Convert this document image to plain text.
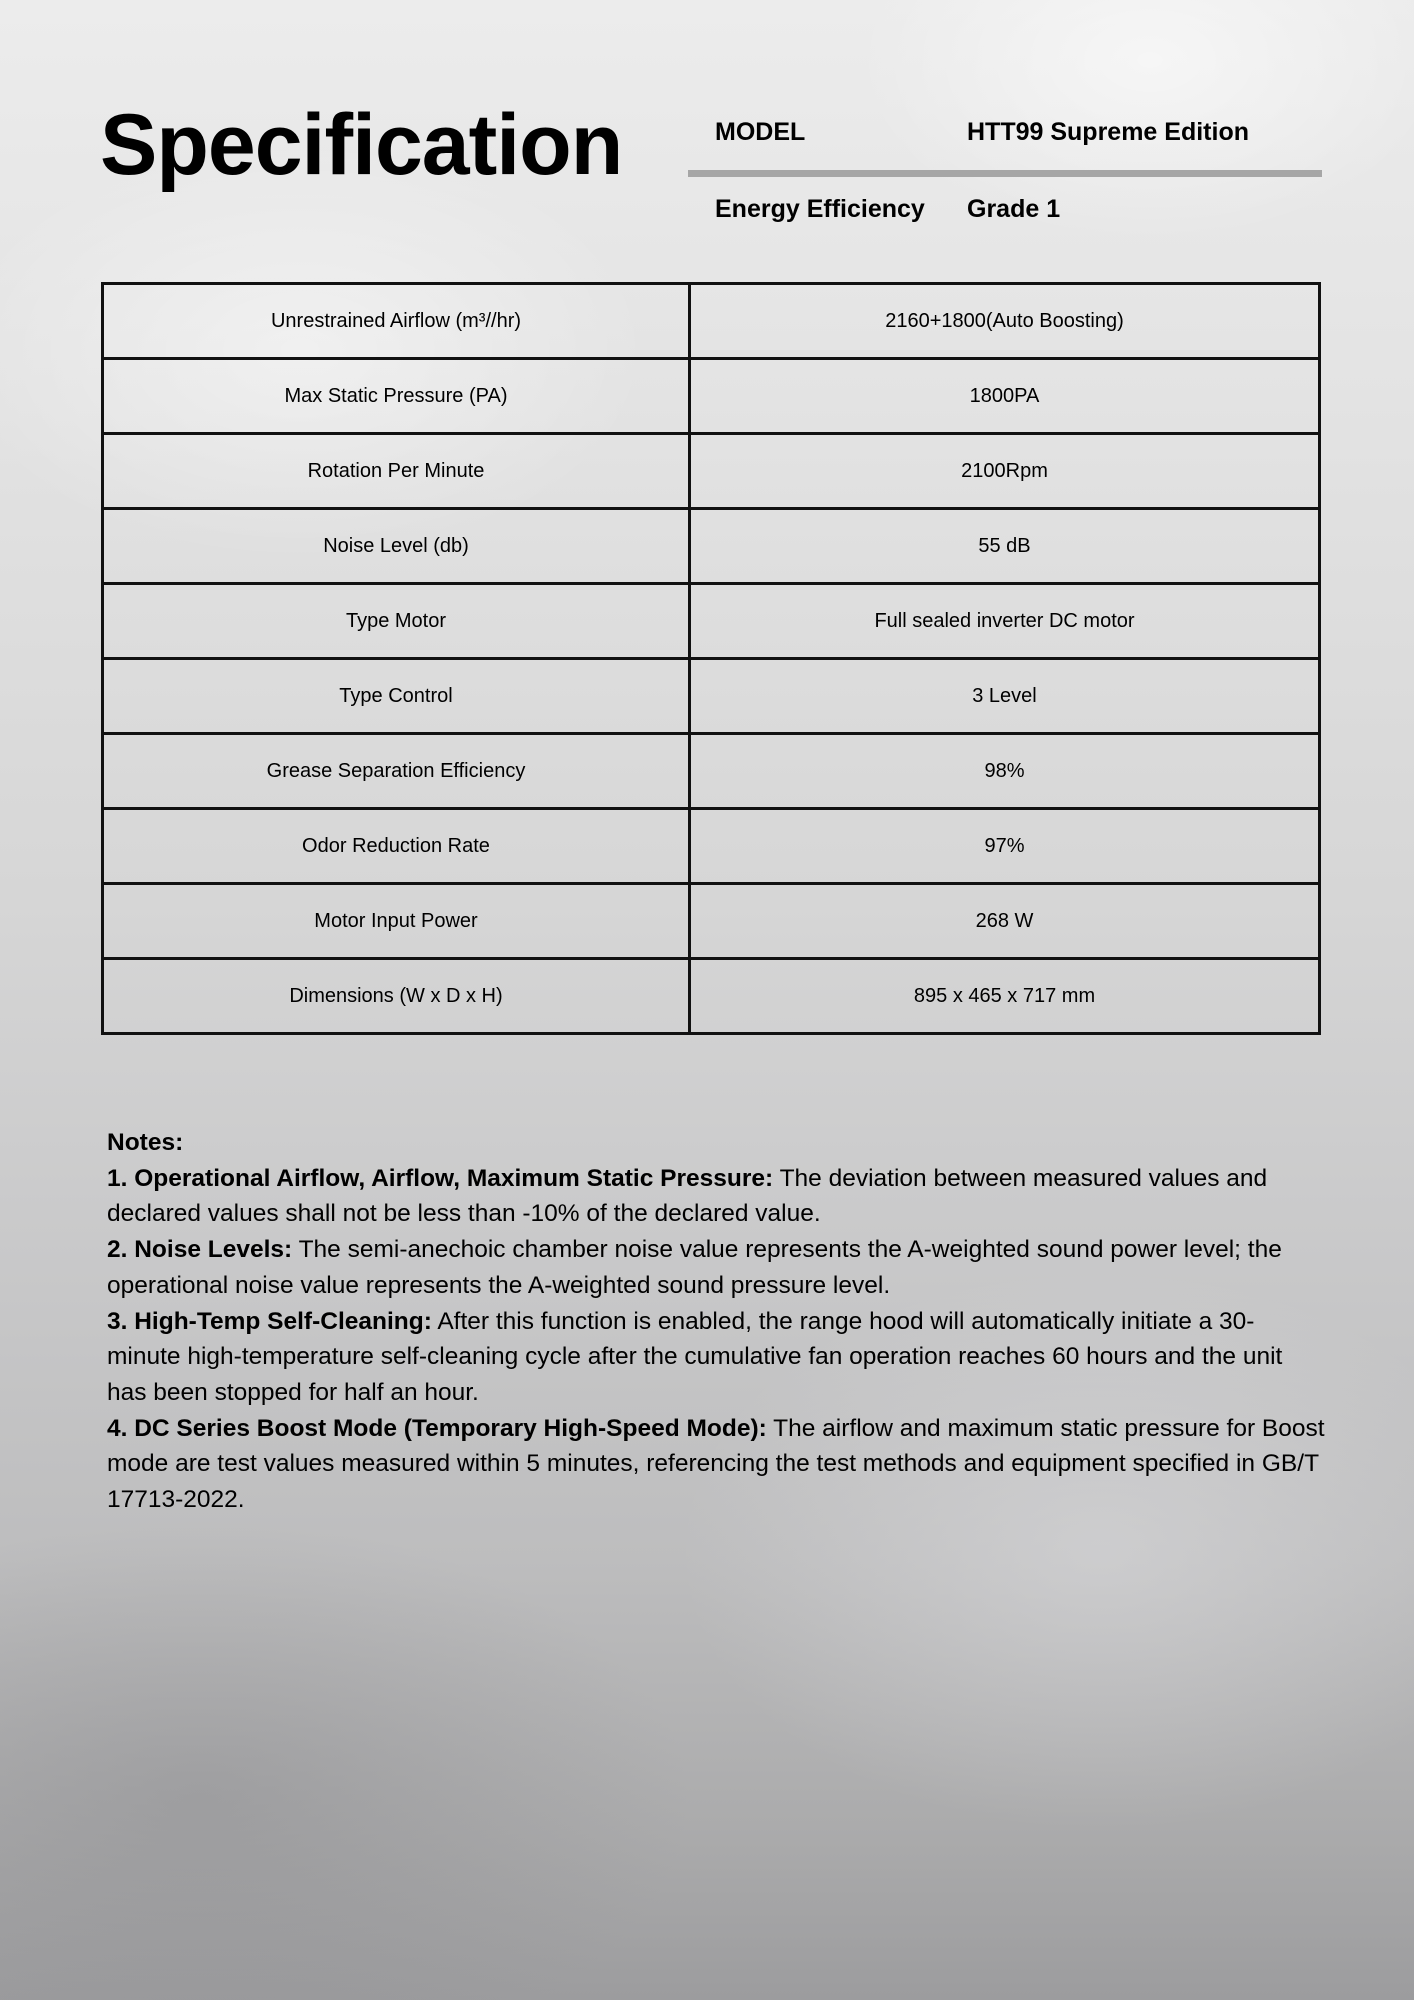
Specification	MODEL	HTT99 Supreme Edition
Energy Efficiency	Grade 1
Unrestrained Airflow (m³//hr)	2160+1800(Auto Boosting)
Max Static Pressure (PA)	1800PA
Rotation Per Minute	2100Rpm
Noise Level (db)	55 dB
Type Motor	Full sealed inverter DC motor
Type Control	3 Level
Grease Separation Efficiency	98%
Odor Reduction Rate	97%
Motor Input Power	268 W
Dimensions (W x D x H)	895 x 465 x 717 mm

Notes:

1. Operational Airflow, Airflow, Maximum Static Pressure: The deviation between measured values and declared values shall not be less than -10% of the declared value.

2. Noise Levels: The semi-anechoic chamber noise value represents the A-weighted sound power level; the operational noise value represents the A-weighted sound pressure level.

3. High-Temp Self-Cleaning: After this function is enabled, the range hood will automatically initiate a 30-minute high-temperature self-cleaning cycle after the cumulative fan operation reaches 60 hours and the unit has been stopped for half an hour.

4. DC Series Boost Mode (Temporary High-Speed Mode): The airflow and maximum static pressure for Boost mode are test values measured within 5 minutes, referencing the test methods and equipment specified in GB/T 17713-2022.
